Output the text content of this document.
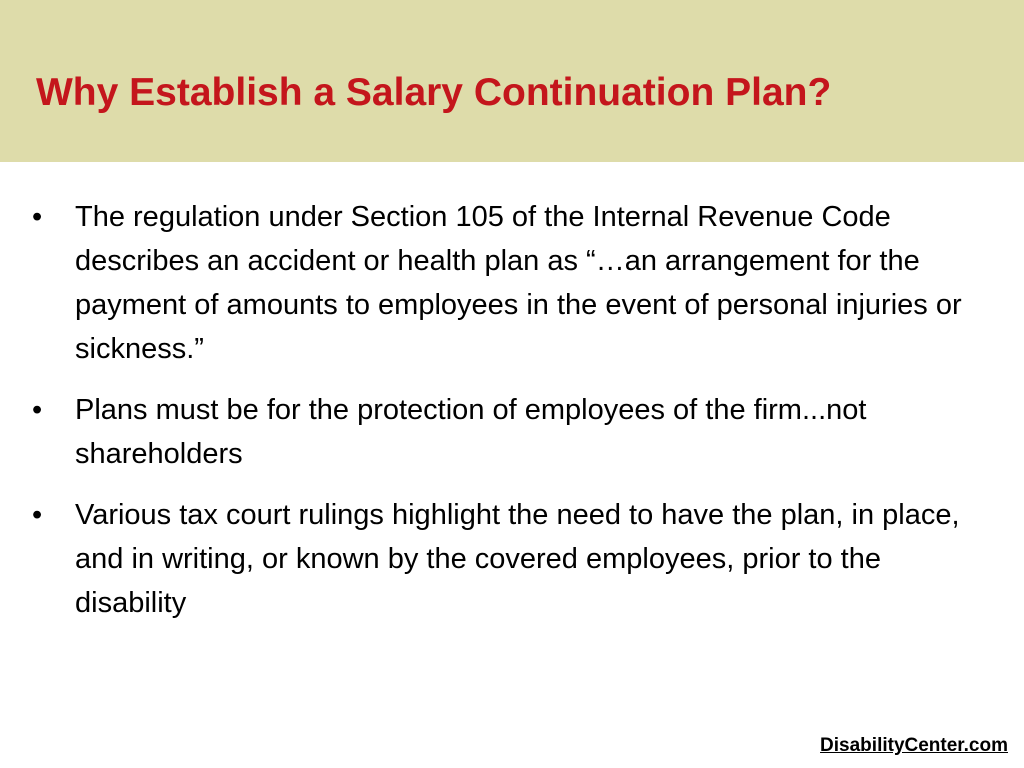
Why Establish a Salary Continuation Plan?
•	The regulation under Section 105 of the Internal Revenue Code describes an accident or health plan as “…an arrangement for the payment of amounts to employees in the event of personal injuries or sickness.”
•	Plans must be for the protection of employees of the firm...not shareholders
•	Various tax court rulings highlight the need to have the plan, in place, and in writing, or known by the covered employees, prior to the disability
DisabilityCenter.com
